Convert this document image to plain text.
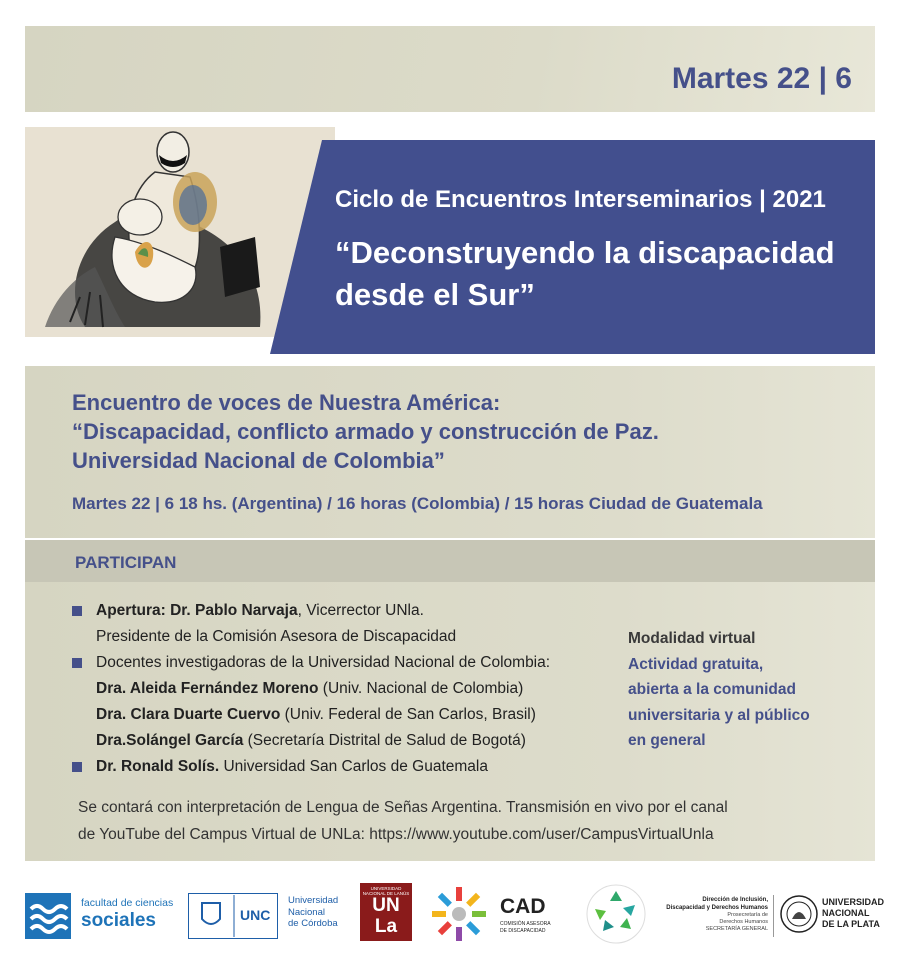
Martes 22 | 6
Ciclo de Encuentros Interseminarios | 2021
“Deconstruyendo la discapacidad
desde el Sur”
Encuentro de voces de Nuestra América:
“Discapacidad, conflicto armado y construcción de Paz.
Universidad Nacional de Colombia”
Martes 22 | 6 18 hs. (Argentina) / 16 horas (Colombia) / 15 horas Ciudad de Guatemala
PARTICIPAN
Apertura: Dr. Pablo Narvaja, Vicerrector UNla.
Presidente de la Comisión Asesora de Discapacidad
Docentes investigadoras de la Universidad Nacional de Colombia:
Dra. Aleida Fernández Moreno (Univ. Nacional de Colombia)
Dra. Clara Duarte Cuervo (Univ. Federal de San Carlos, Brasil)
Dra.Solángel García (Secretaría Distrital de Salud de Bogotá)
Dr. Ronald Solís. Universidad San Carlos de Guatemala
Modalidad virtual
Actividad gratuita,
abierta a la comunidad
universitaria y al público
en general
Se contará con interpretación de Lengua de Señas Argentina. Transmisión en vivo por el canal
de YouTube del Campus Virtual de UNLa: https://www.youtube.com/user/CampusVirtualUnla
facultad de ciencias
sociales	UNC
Universidad
Nacional
de Córdoba
UNIVERSIDAD NACIONAL DE LANÚS
UN
La
CAD
COMISIÓN ASESORA
DE DISCAPACIDAD
Dirección de Inclusión,
Discapacidad y Derechos Humanos
Prosecretaría de
Derechos Humanos
SECRETARÍA GENERAL
UNIVERSIDAD
NACIONAL
DE LA PLATA
